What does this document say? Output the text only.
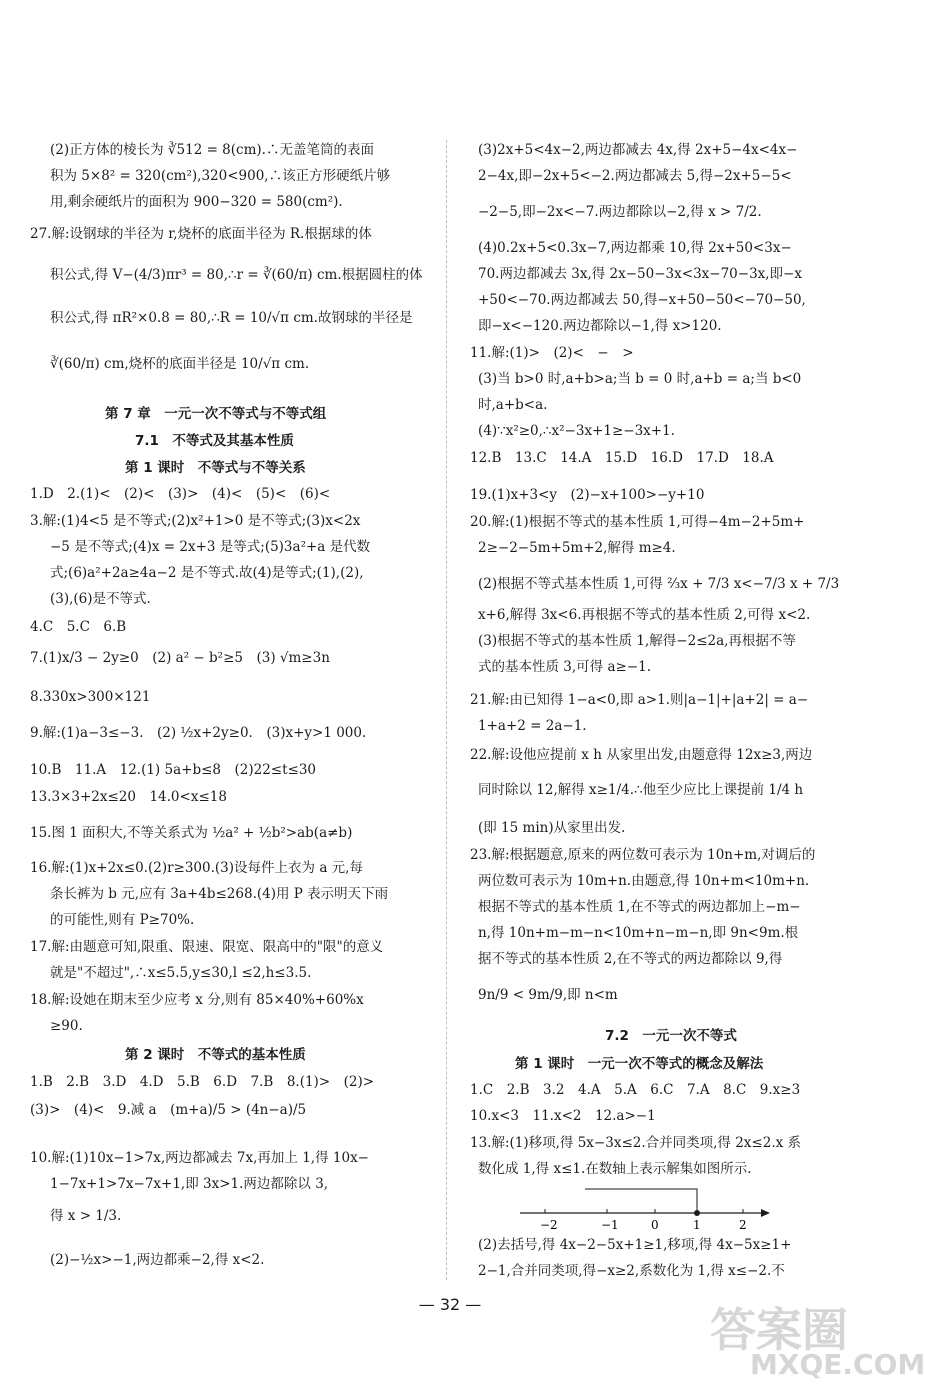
(2)正方体的棱长为 ∛512 = 8(cm).∴无盖笔筒的表面
积为 5×8² = 320(cm²),320<900,∴该正方形硬纸片够
用,剩余硬纸片的面积为 900−320 = 580(cm²).
27.解:设钢球的半径为 r,烧杯的底面半径为 R.根据球的体
积公式,得 V−(4/3)πr³ = 80,∴r = ∛(60/π) cm.根据圆柱的体
积公式,得 πR²×0.8 = 80,∴R = 10/√π cm.故钢球的半径是
∛(60/π) cm,烧杯的底面半径是 10/√π cm.
第 7 章　一元一次不等式与不等式组
7.1　不等式及其基本性质
第 1 课时　不等式与不等关系
1.D　2.(1)<　(2)<　(3)>　(4)<　(5)<　(6)<
3.解:(1)4<5 是不等式;(2)x²+1>0 是不等式;(3)x<2x
−5 是不等式;(4)x = 2x+3 是等式;(5)3a²+a 是代数
式;(6)a²+2a≥4a−2 是不等式.故(4)是等式;(1),(2),
(3),(6)是不等式.
4.C　5.C　6.B
7.(1)x/3 − 2y≥0　(2) a² − b²≥5　(3) √m≥3n
8.330x>300×121
9.解:(1)a−3≤−3.　(2) ½x+2y≥0.　(3)x+y>1 000.
10.B　11.A　12.(1) 5a+b≤8　(2)22≤t≤30
13.3×3+2x≤20　14.0<x≤18
15.图 1 面积大,不等关系式为 ½a² + ½b²>ab(a≠b)
16.解:(1)x+2x≤0.(2)r≥300.(3)设每件上衣为 a 元,每
条长裤为 b 元,应有 3a+4b≤268.(4)用 P 表示明天下雨
的可能性,则有 P≥70%.
17.解:由题意可知,限重、限速、限宽、限高中的"限"的意义
就是"不超过",∴x≤5.5,y≤30,l ≤2,h≤3.5.
18.解:设她在期末至少应考 x 分,则有 85×40%+60%x
≥90.
第 2 课时　不等式的基本性质
1.B　2.B　3.D　4.D　5.B　6.D　7.B　8.(1)>　(2)>
(3)>　(4)<　9.减 a　(m+a)/5 > (4n−a)/5
10.解:(1)10x−1>7x,两边都减去 7x,再加上 1,得 10x−
1−7x+1>7x−7x+1,即 3x>1.两边都除以 3,
得 x > 1/3.
(2)−½x>−1,两边都乘−2,得 x<2.
(3)2x+5<4x−2,两边都减去 4x,得 2x+5−4x<4x−
2−4x,即−2x+5<−2.两边都减去 5,得−2x+5−5<
−2−5,即−2x<−7.两边都除以−2,得 x > 7/2.
(4)0.2x+5<0.3x−7,两边都乘 10,得 2x+50<3x−
70.两边都减去 3x,得 2x−50−3x<3x−70−3x,即−x
+50<−70.两边都减去 50,得−x+50−50<−70−50,
即−x<−120.两边都除以−1,得 x>120.
11.解:(1)>　(2)<　−　>
(3)当 b>0 时,a+b>a;当 b = 0 时,a+b = a;当 b<0
时,a+b<a.
(4)∵x²≥0,∴x²−3x+1≥−3x+1.
12.B　13.C　14.A　15.D　16.D　17.D　18.A
19.(1)x+3<y　(2)−x+100>−y+10
20.解:(1)根据不等式的基本性质 1,可得−4m−2+5m+
2≥−2−5m+5m+2,解得 m≥4.
(2)根据不等式基本性质 1,可得 ⅔x + 7/3 x<−7/3 x + 7/3
x+6,解得 3x<6.再根据不等式的基本性质 2,可得 x<2.
(3)根据不等式的基本性质 1,解得−2≤2a,再根据不等
式的基本性质 3,可得 a≥−1.
21.解:由已知得 1−a<0,即 a>1.则|a−1|+|a+2| = a−
1+a+2 = 2a−1.
22.解:设他应提前 x h 从家里出发,由题意得 12x≥3,两边
同时除以 12,解得 x≥1/4.∴他至少应比上课提前 1/4 h
(即 15 min)从家里出发.
23.解:根据题意,原来的两位数可表示为 10n+m,对调后的
两位数可表示为 10m+n.由题意,得 10n+m<10m+n.
根据不等式的基本性质 1,在不等式的两边都加上−m−
n,得 10n+m−m−n<10m+n−m−n,即 9n<9m.根
据不等式的基本性质 2,在不等式的两边都除以 9,得
9n/9 < 9m/9,即 n<m
7.2　一元一次不等式
第 1 课时　一元一次不等式的概念及解法
1.C　2.B　3.2　4.A　5.A　6.C　7.A　8.C　9.x≥3
10.x<3　11.x<2　12.a>−1
13.解:(1)移项,得 5x−3x≤2.合并同类项,得 2x≤2.x 系
数化成 1,得 x≤1.在数轴上表示解集如图所示.
(2)去括号,得 4x−2−5x+1≥1,移项,得 4x−5x≥1+
2−1,合并同类项,得−x≥2,系数化为 1,得 x≤−2.不
−2	−1	0	1	2
— 32 —	答案圈
MXQE.COM
